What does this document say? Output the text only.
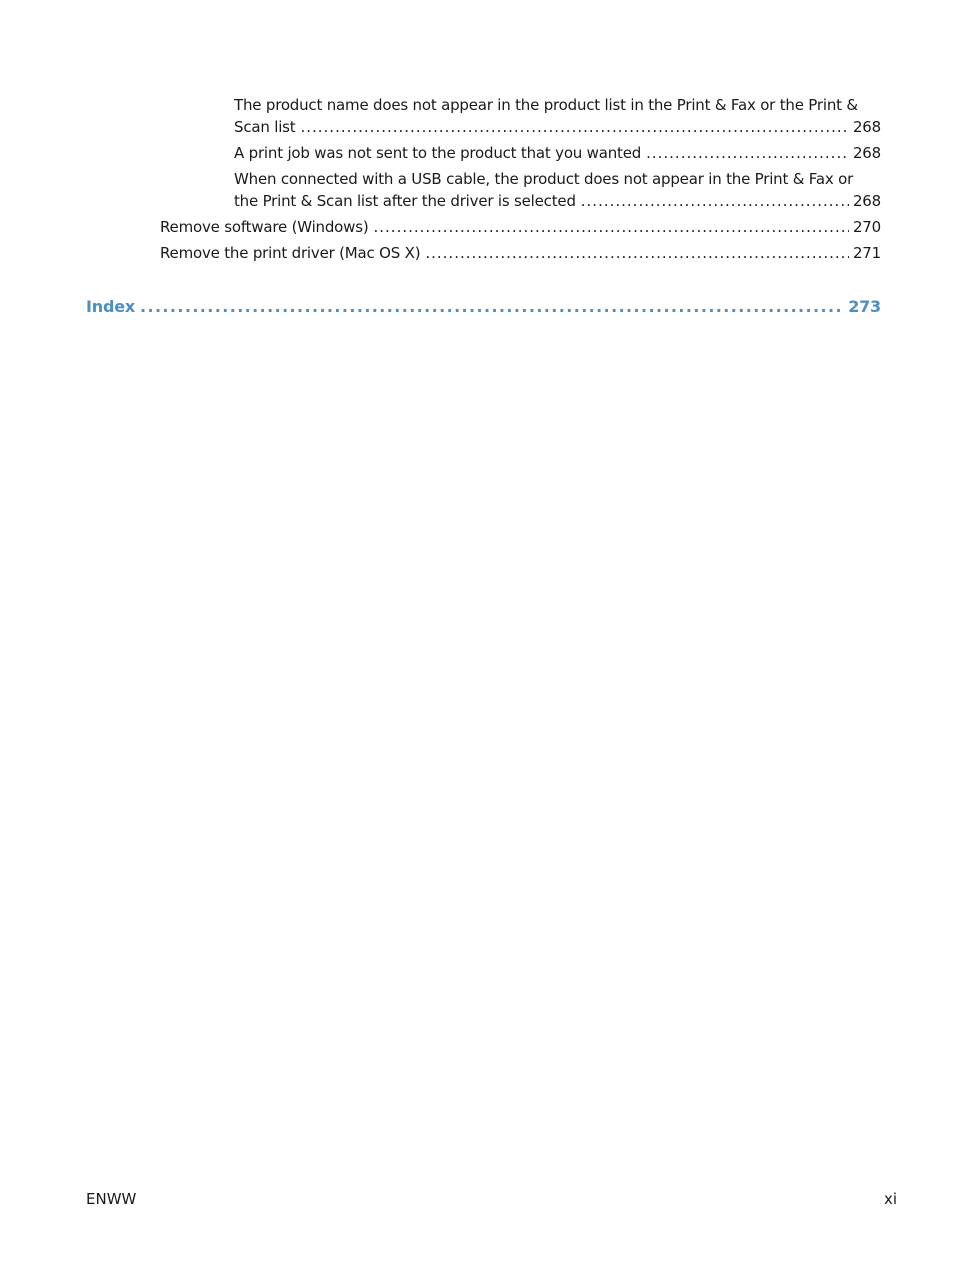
The product name does not appear in the product list in the Print & Fax or the Print &
Scan list .....	268
A print job was not sent to the product that you wanted .....	268
When connected with a USB cable, the product does not appear in the Print & Fax or
the Print & Scan list after the driver is selected .....	268
Remove software (Windows) .....	270
Remove the print driver (Mac OS X) .....	271
Index .....	273
ENWW	xi
